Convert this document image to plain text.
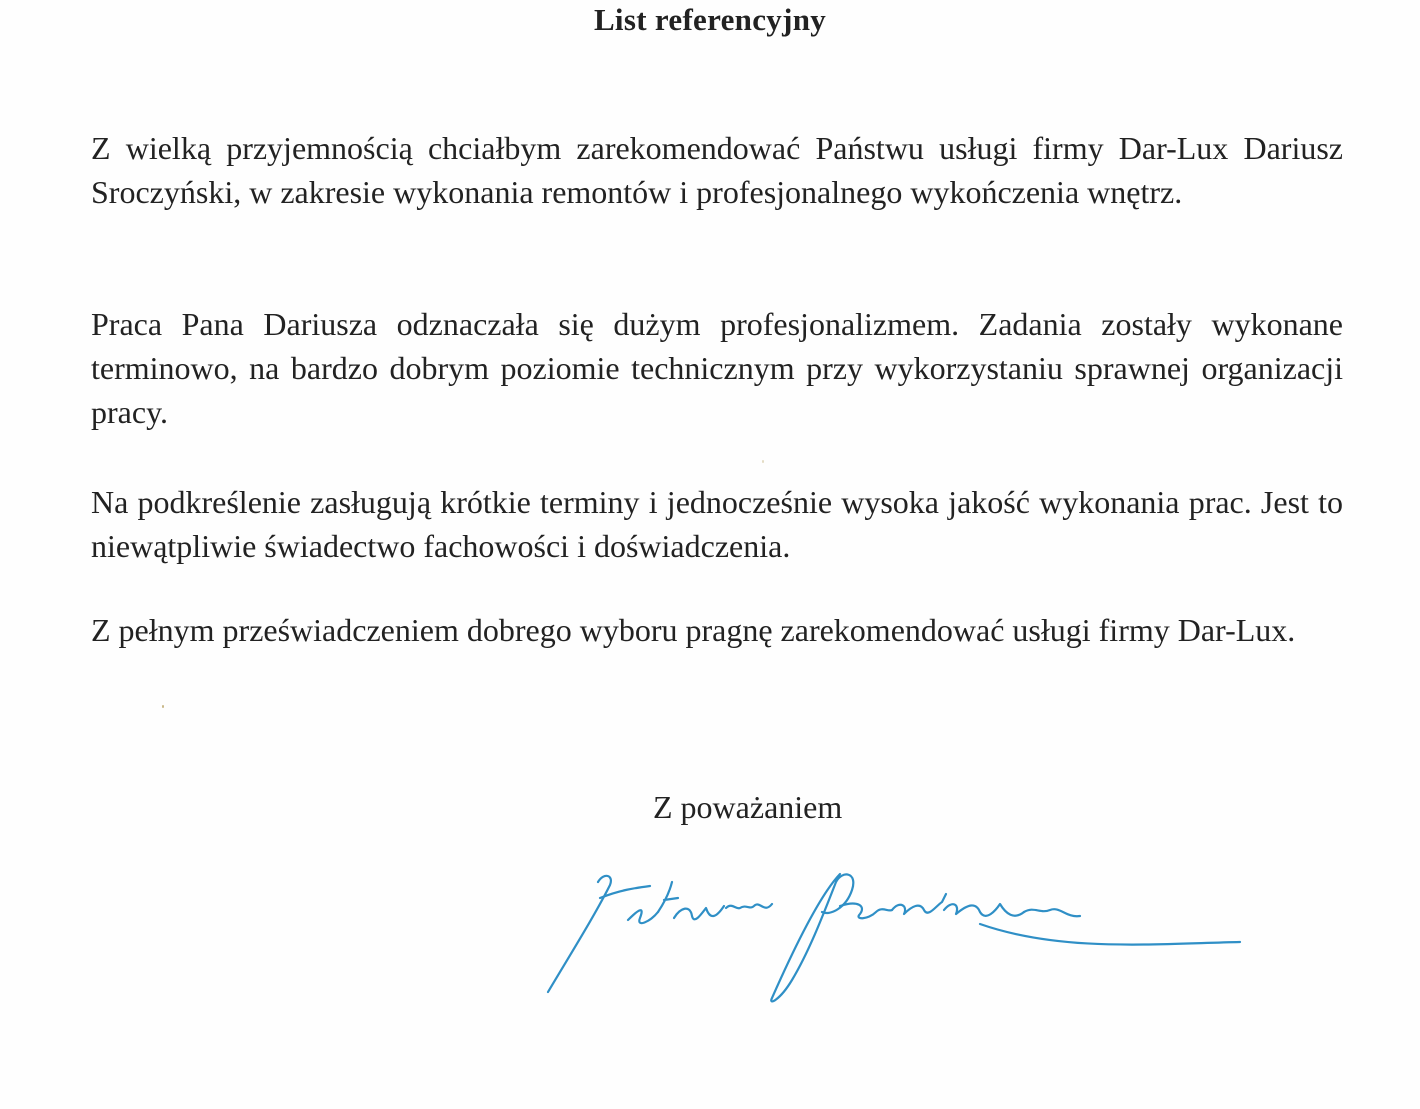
List referencyjny

Z wielką przyjemnością chciałbym zarekomendować Państwu usługi firmy Dar-Lux Dariusz Sroczyński, w zakresie wykonania remontów i profesjonalnego wykończenia wnętrz.

Praca Pana Dariusza odznaczała się dużym profesjonalizmem. Zadania zostały wykonane terminowo, na bardzo dobrym poziomie technicznym przy wykorzystaniu sprawnej organizacji pracy.

Na podkreślenie zasługują krótkie terminy i jednocześnie wysoka jakość wykonania prac. Jest to niewątpliwie świadectwo fachowości i doświadczenia.

Z pełnym przeświadczeniem dobrego wyboru pragnę zarekomendować usługi firmy Dar-Lux.

Z poważaniem
